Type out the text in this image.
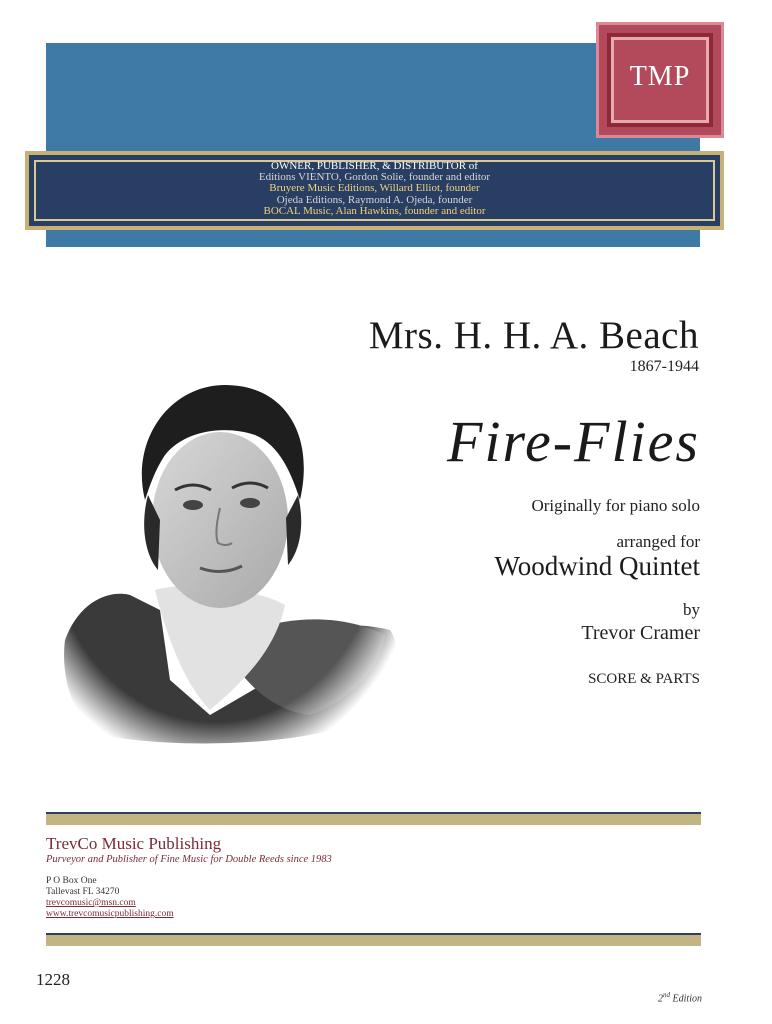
TMP
OWNER, PUBLISHER, & DISTRIBUTOR of
Editions VIENTO, Gordon Solie, founder and editor
Bruyere Music Editions, Willard Elliot, founder
Ojeda Editions, Raymond A. Ojeda, founder
BOCAL Music, Alan Hawkins, founder and editor
Mrs. H. H. A. Beach
1867-1944
Fire-Flies
Originally for piano solo
arranged for
Woodwind Quintet
by
Trevor Cramer
SCORE & PARTS
TrevCo Music Publishing
Purveyor and Publisher of Fine Music for Double Reeds since 1983
P O Box One
Tallevast FL 34270
trevcomusic@msn.com
www.trevcomusicpublishing.com
1228
2nd Edition
